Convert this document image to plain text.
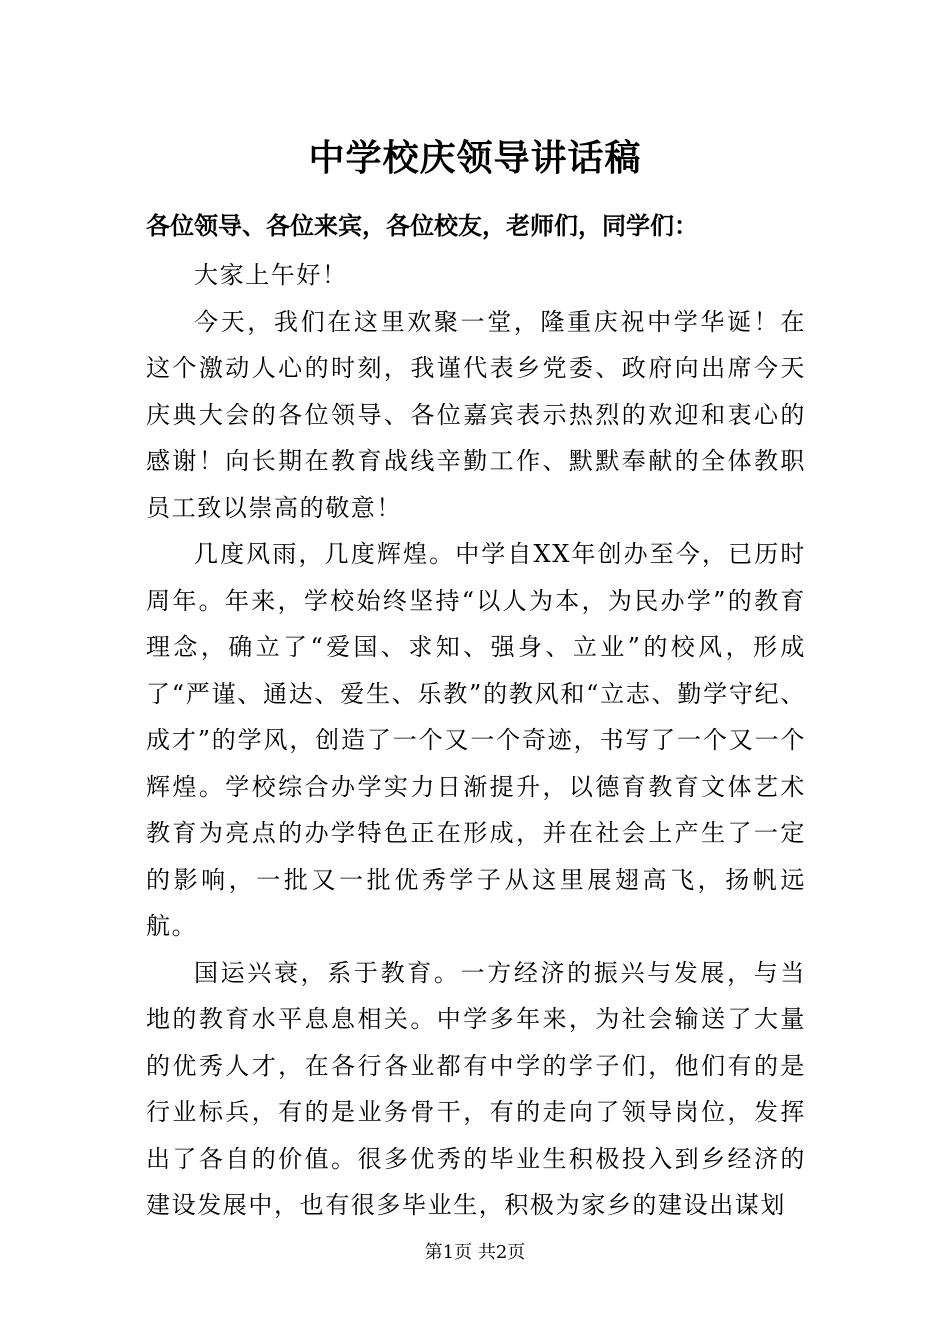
中学校庆领导讲话稿
各位领导、各位来宾，各位校友，老师们，同学们：

大家上午好！

今天，我们在这里欢聚一堂，隆重庆祝中学华诞！在这个激动人心的时刻，我谨代表乡党委、政府向出席今天庆典大会的各位领导、各位嘉宾表示热烈的欢迎和衷心的感谢！向长期在教育战线辛勤工作、默默奉献的全体教职员工致以崇高的敬意！

几度风雨，几度辉煌。中学自XX年创办至今，已历时周年。年来，学校始终坚持“以人为本，为民办学”的教育理念，确立了“爱国、求知、强身、立业”的校风，形成了“严谨、通达、爱生、乐教”的教风和“立志、勤学守纪、成才”的学风，创造了一个又一个奇迹，书写了一个又一个辉煌。学校综合办学实力日渐提升，以德育教育文体艺术教育为亮点的办学特色正在形成，并在社会上产生了一定的影响，一批又一批优秀学子从这里展翅高飞，扬帆远航。

国运兴衰，系于教育。一方经济的振兴与发展，与当地的教育水平息息相关。中学多年来，为社会输送了大量的优秀人才，在各行各业都有中学的学子们，他们有的是行业标兵，有的是业务骨干，有的走向了领导岗位，发挥出了各自的价值。很多优秀的毕业生积极投入到乡经济的建设发展中，也有很多毕业生，积极为家乡的建设出谋划

第1页 共2页
